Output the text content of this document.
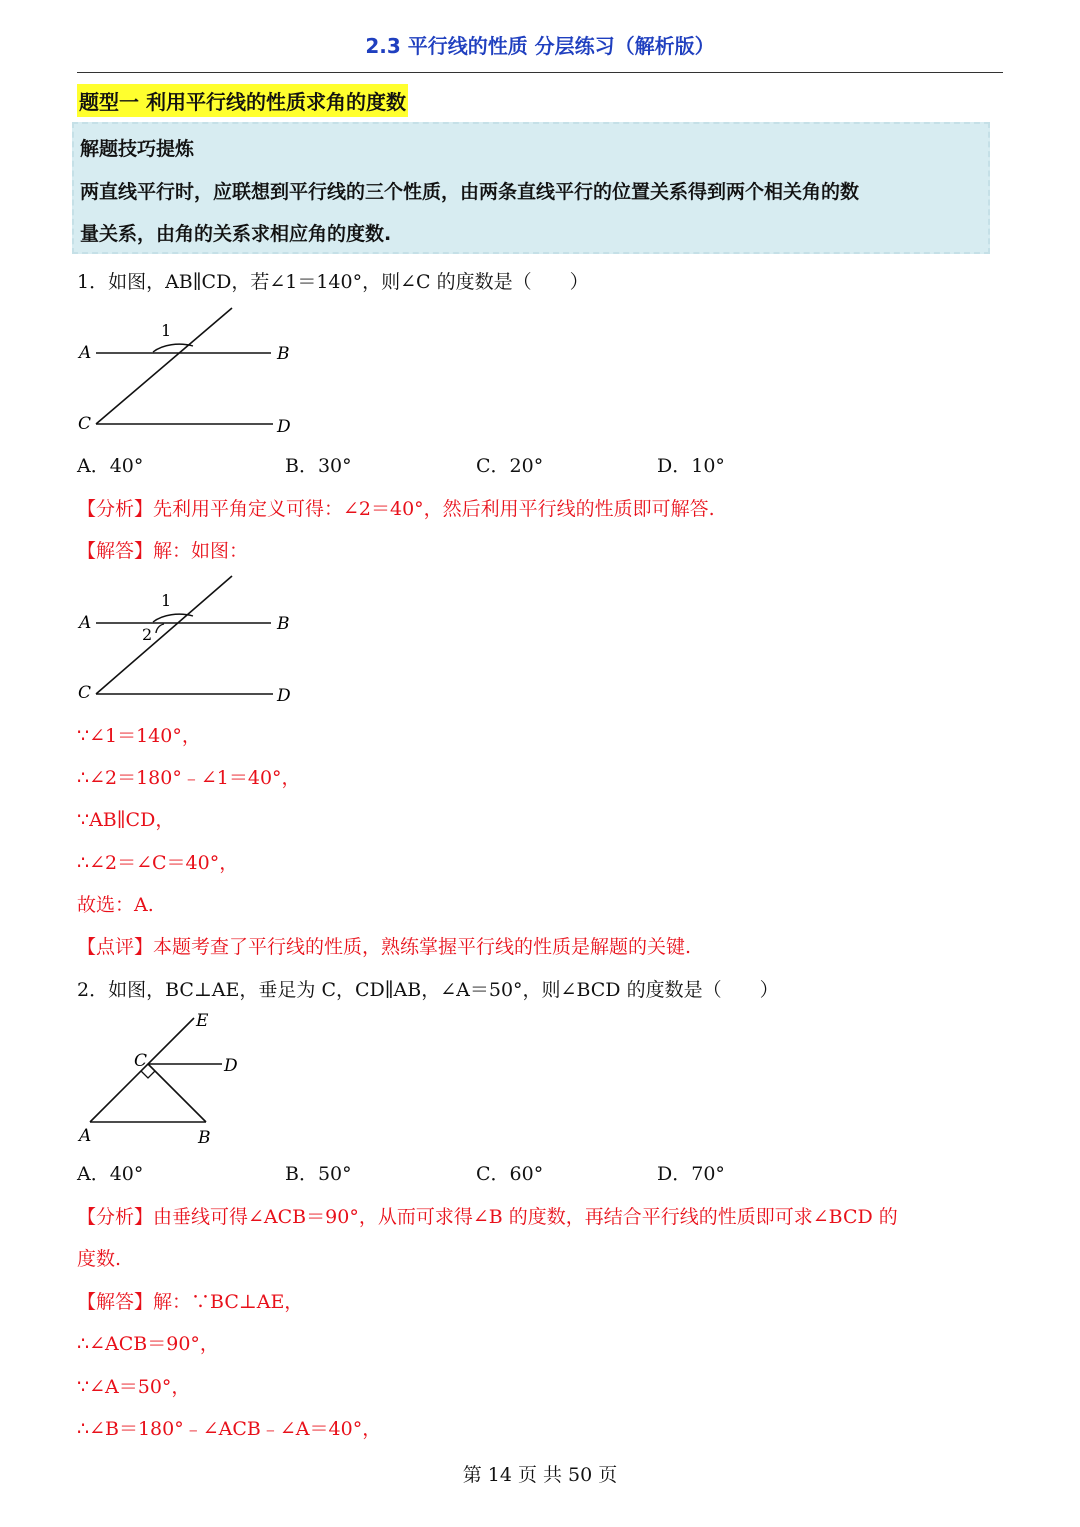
2.3 平行线的性质 分层练习（解析版）
题型一 利用平行线的性质求角的度数
解题技巧提炼
两直线平行时，应联想到平行线的三个性质，由两条直线平行的位置关系得到两个相关角的数
量关系，由角的关系求相应角的度数.
1．如图，AB∥CD，若∠1＝140°，则∠C 的度数是（　　）
A	B
C	D
1
A．40°	B．30°	C．20°	D．10°
【分析】先利用平角定义可得：∠2＝40°，然后利用平行线的性质即可解答.
【解答】解：如图：
A	B
C	D
1
2
∵∠1＝140°，
∴∠2＝180°﹣∠1＝40°，
∵AB∥CD，
∴∠2＝∠C＝40°，
故选：A.
【点评】本题考查了平行线的性质，熟练掌握平行线的性质是解题的关键.
2．如图，BC⊥AE，垂足为 C，CD∥AB，∠A＝50°，则∠BCD 的度数是（　　）
A	B
C	D
E
A．40°	B．50°	C．60°	D．70°
【分析】由垂线可得∠ACB＝90°，从而可求得∠B 的度数，再结合平行线的性质即可求∠BCD 的
度数.
【解答】解：∵BC⊥AE，
∴∠ACB＝90°，
∵∠A＝50°，
∴∠B＝180°﹣∠ACB﹣∠A＝40°，
第 14 页 共 50 页
